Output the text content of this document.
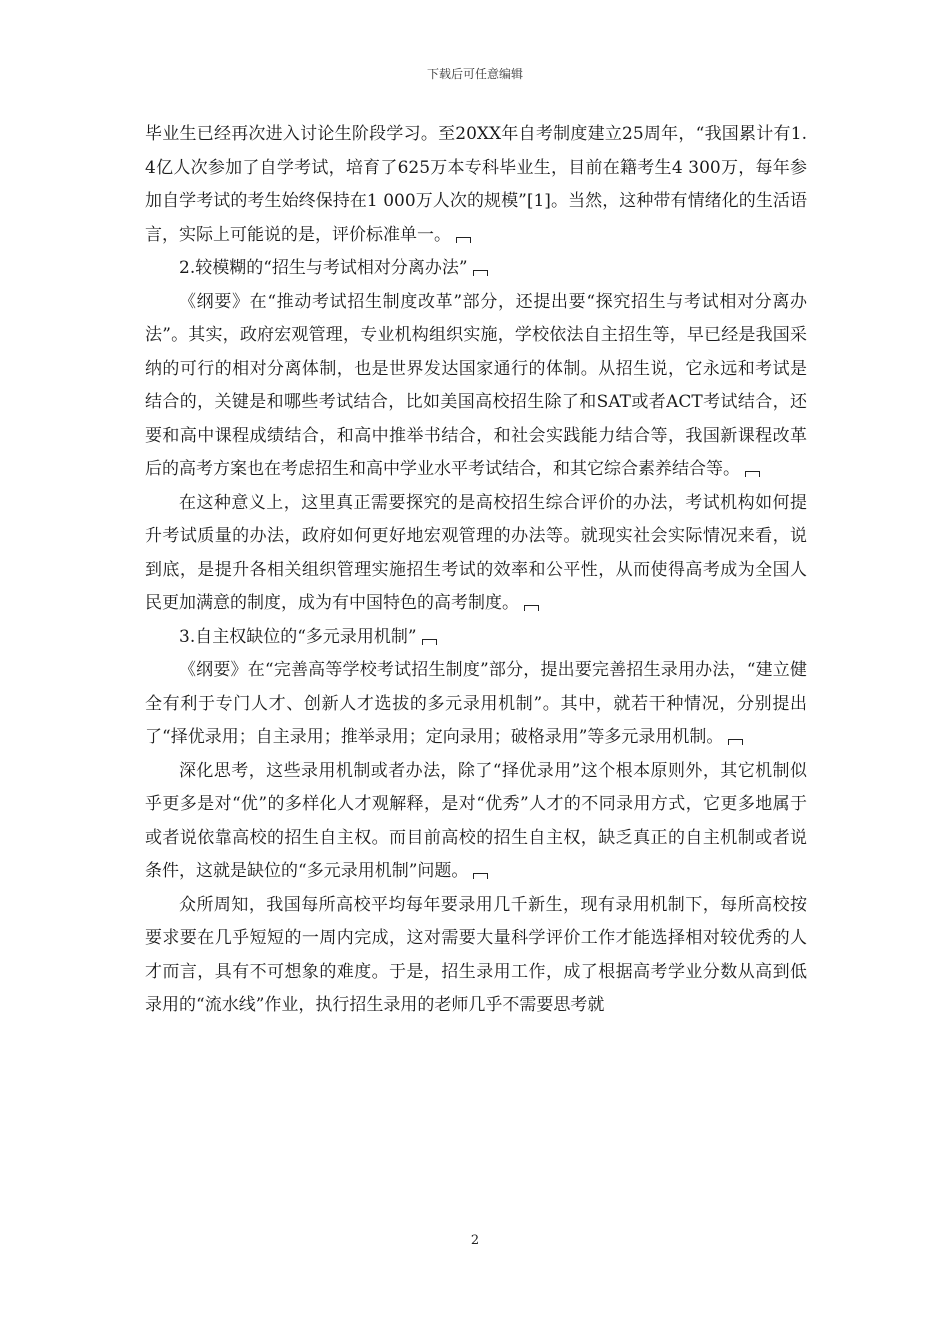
下载后可任意编辑

毕业生已经再次进入讨论生阶段学习。至20XX年自考制度建立25周年，“我国累计有1.4亿人次参加了自学考试，培育了625万本专科毕业生，目前在籍考生4 300万，每年参加自学考试的考生始终保持在1 000万人次的规模”[1]。当然，这种带有情绪化的生活语言，实际上可能说的是，评价标准单一。

2.较模糊的“招生与考试相对分离办法”

《纲要》在“推动考试招生制度改革”部分，还提出要“探究招生与考试相对分离办法”。其实，政府宏观管理，专业机构组织实施，学校依法自主招生等，早已经是我国采纳的可行的相对分离体制，也是世界发达国家通行的体制。从招生说，它永远和考试是结合的，关键是和哪些考试结合，比如美国高校招生除了和SAT或者ACT考试结合，还要和高中课程成绩结合，和高中推举书结合，和社会实践能力结合等，我国新课程改革后的高考方案也在考虑招生和高中学业水平考试结合，和其它综合素养结合等。

在这种意义上，这里真正需要探究的是高校招生综合评价的办法，考试机构如何提升考试质量的办法，政府如何更好地宏观管理的办法等。就现实社会实际情况来看，说到底，是提升各相关组织管理实施招生考试的效率和公平性，从而使得高考成为全国人民更加满意的制度，成为有中国特色的高考制度。

3.自主权缺位的“多元录用机制”

《纲要》在“完善高等学校考试招生制度”部分，提出要完善招生录用办法，“建立健全有利于专门人才、创新人才选拔的多元录用机制”。其中，就若干种情况，分别提出了“择优录用；自主录用；推举录用；定向录用；破格录用”等多元录用机制。

深化思考，这些录用机制或者办法，除了“择优录用”这个根本原则外，其它机制似乎更多是对“优”的多样化人才观解释，是对“优秀”人才的不同录用方式，它更多地属于或者说依靠高校的招生自主权。而目前高校的招生自主权，缺乏真正的自主机制或者说条件，这就是缺位的“多元录用机制”问题。

众所周知，我国每所高校平均每年要录用几千新生，现有录用机制下，每所高校按要求要在几乎短短的一周内完成，这对需要大量科学评价工作才能选择相对较优秀的人才而言，具有不可想象的难度。于是，招生录用工作，成了根据高考学业分数从高到低录用的“流水线”作业，执行招生录用的老师几乎不需要思考就

2
